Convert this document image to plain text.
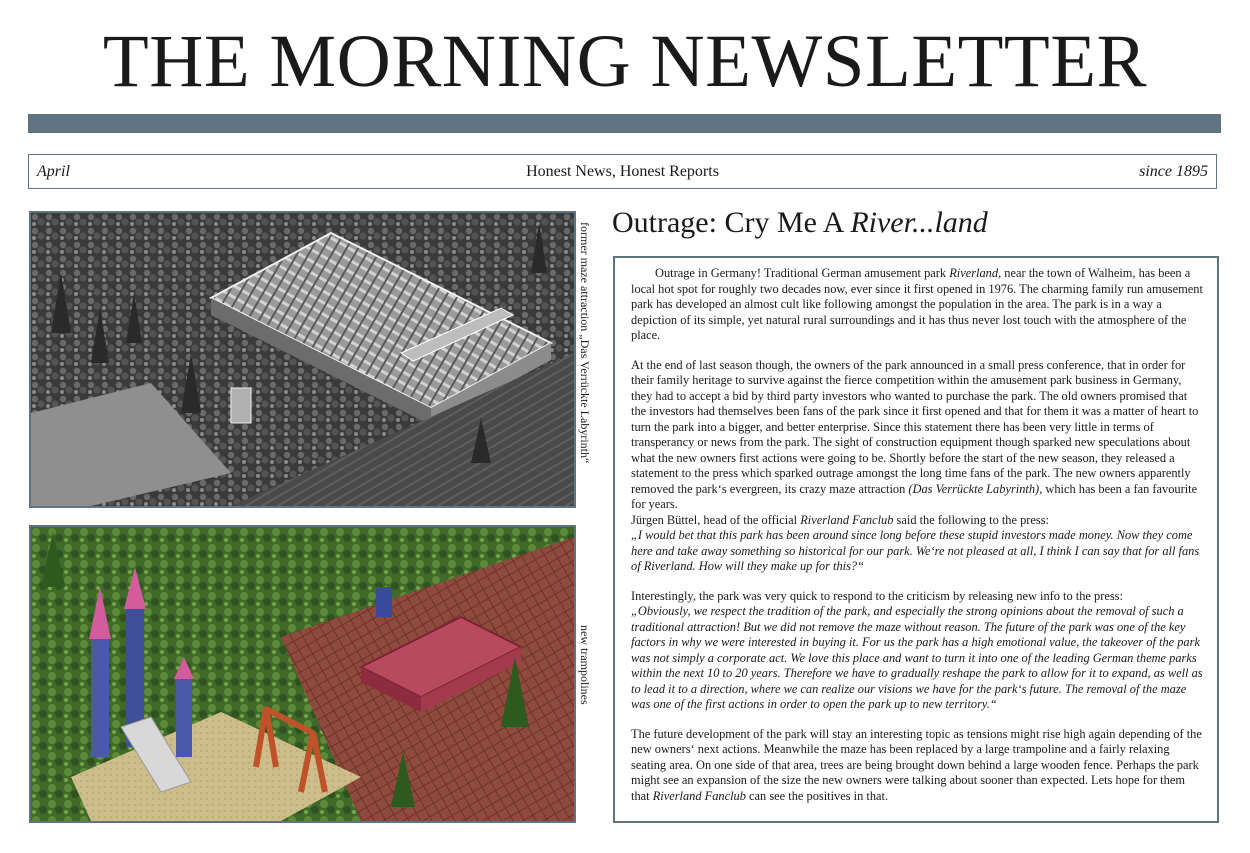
THE MORNING NEWSLETTER
April	Honest News, Honest Reports	since 1895
former maze attraction „Das Verrückte Labyrinth“
new trampolines
Outrage: Cry Me A River...land

Outrage in Germany! Traditional German amusement park Riverland, near the town of Walheim, has been a local hot spot for roughly two decades now, ever since it first opened in 1976. The charming family run amusement park has developed an almost cult like following amongst the population in the area. The park is in a way a depiction of its simple, yet natural rural surroundings and it has thus never lost touch with the atmosphere of the place.

At the end of last season though, the owners of the park announced in a small press conference, that in order for their family heritage to survive against the fierce competition within the amusement park business in Germany, they had to accept a bid by third party investors who wanted to purchase the park. The old owners promised that the investors had themselves been fans of the park since it first opened and that for them it was a matter of heart to turn the park into a bigger, and better enterprise. Since this statement there has been very little in terms of transperancy or news from the park. The sight of construction equipment though sparked new speculations about what the new owners first actions were going to be. Shortly before the start of the new season, they released a statement to the press which sparked outrage amongst the long time fans of the park. The new owners apparently removed the park‘s evergreen, its crazy maze attraction (Das Verrückte Labyrinth), which has been a fan favourite for years.

Jürgen Büttel, head of the official Riverland Fanclub said the following to the press:

„I would bet that this park has been around since long before these stupid investors made money. Now they come here and take away something so historical for our park. We‘re not pleased at all, I think I can say that for all fans of Riverland. How will they make up for this?“

Interestingly, the park was very quick to respond to the criticism by releasing new info to the press:

„Obviously, we respect the tradition of the park, and especially the strong opinions about the removal of such a traditional attraction! But we did not remove the maze without reason. The future of the park was one of the key factors in why we were interested in buying it. For us the park has a high emotional value, the takeover of the park was not simply a corporate act. We love this place and want to turn it into one of the leading German theme parks within the next 10 to 20 years. Therefore we have to gradually reshape the park to allow for it to expand, as well as to lead it to a direction, where we can realize our visions we have for the park‘s future. The removal of the maze was one of the first actions in order to open the park up to new territory.“

The future development of the park will stay an interesting topic as tensions might rise high again depending of the new owners‘ next actions. Meanwhile the maze has been replaced by a large trampoline and a fairly relaxing seating area. On one side of that area, trees are being brought down behind a large wooden fence. Perhaps the park might see an expansion of the size the new owners were talking about sooner than expected. Lets hope for them that Riverland Fanclub can see the positives in that.
